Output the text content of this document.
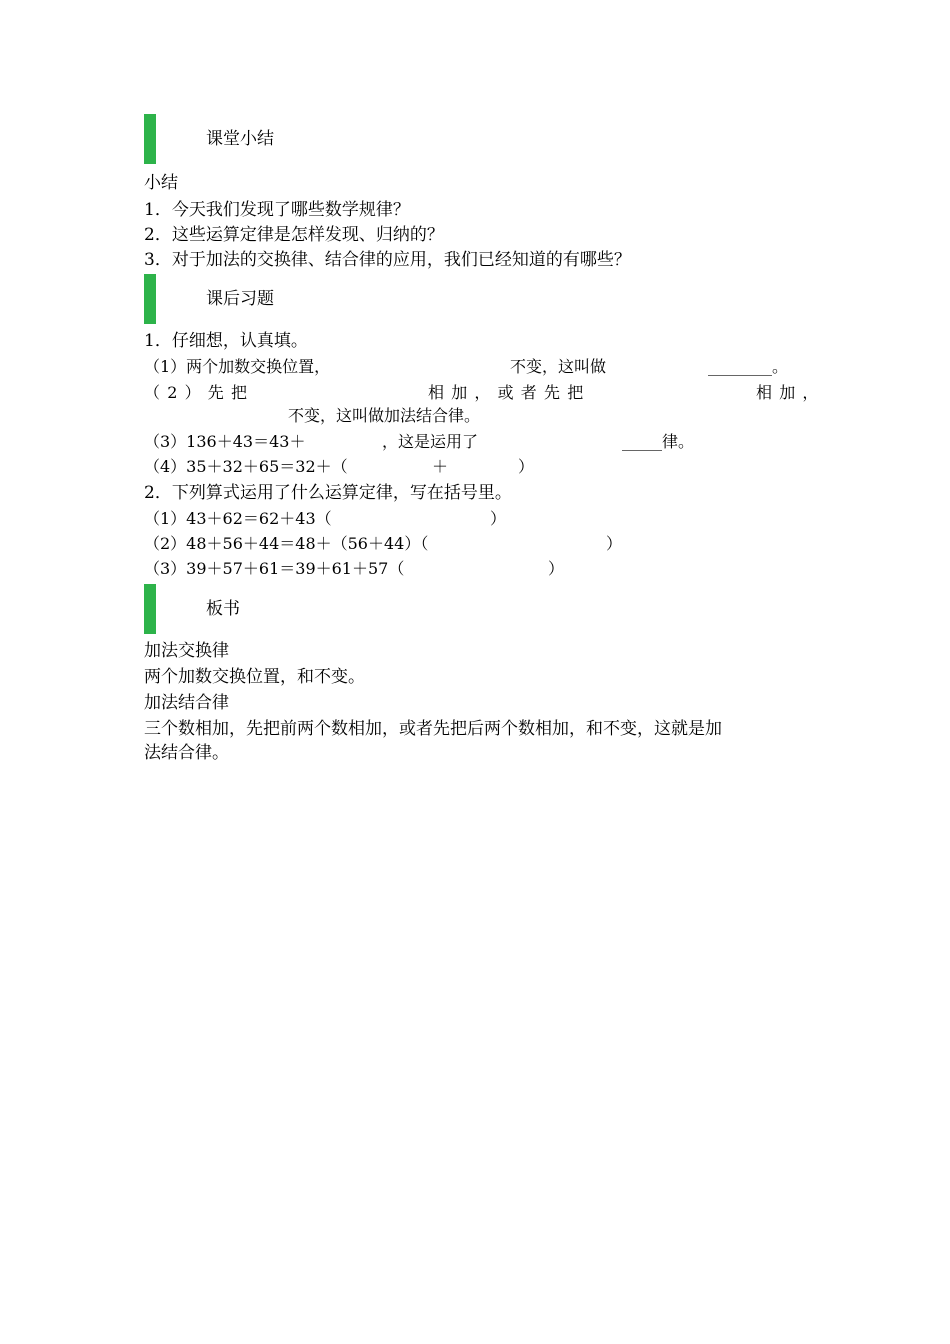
课堂小结
小结
1．今天我们发现了哪些数学规律？
2．这些运算定律是怎样发现、归纳的？
3．对于加法的交换律、结合律的应用，我们已经知道的有哪些？
课后习题
1．仔细想，认真填。
（1）两个加数交换位置，	不变，这叫做	________。
（2）先把	相加，或者先把	相加，
不变，这叫做加法结合律。
（3）136＋43＝43＋	，这是运用了	_____律。
（4）35＋32＋65＝32＋（	＋	）
2．下列算式运用了什么运算定律，写在括号里。
（1）43＋62＝62＋43（	）
（2）48＋56＋44＝48＋（56＋44）（	）
（3）39＋57＋61＝39＋61＋57（	）
板书
加法交换律
两个加数交换位置，和不变。
加法结合律
三个数相加，先把前两个数相加，或者先把后两个数相加，和不变，这就是加
法结合律。
